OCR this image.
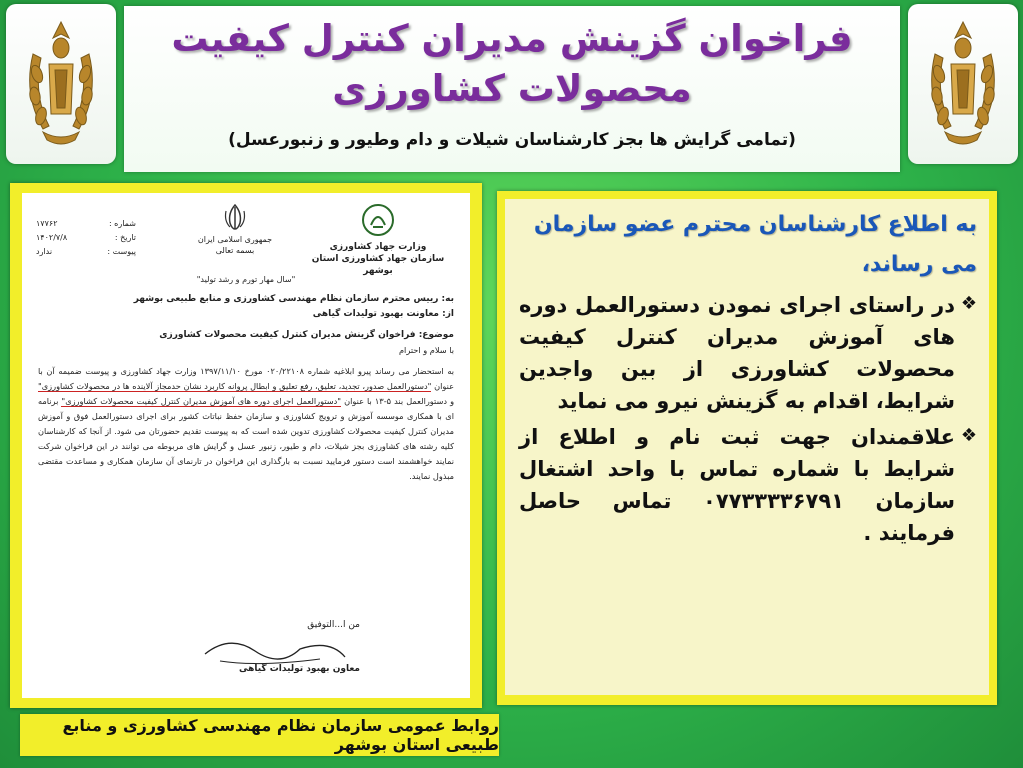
فراخوان گزینش مدیران کنترل کیفیت
محصولات کشاورزی
(تمامی گرایش ها بجز کارشناسان شیلات و دام وطیور و زنبورعسل)
وزارت جهاد کشاورزی
سازمان جهاد کشاورزی استان بوشهر
جمهوری اسلامی ایران
بسمه تعالی
شماره :
۱۷۷۶۲
تاریخ :
۱۴۰۲/۷/۸
پیوست :
ندارد
"سال مهار تورم و رشد تولید"
به: رییس محترم سازمان نظام مهندسی کشاورزی و منابع طبیعی بوشهر
از: معاونت بهبود تولیدات گیاهی
موضوع: فراخوان گزینش مدیران کنترل کیفیت محصولات کشاورزی
با سلام و احترام
به استحضار می رساند پیرو ابلاغیه شماره ۰۲۰/۲۲۱۰۸ مورخ ۱۳۹۷/۱۱/۱۰ وزارت جهاد کشاورزی و پیوست ضمیمه آن با عنوان "دستورالعمل صدور، تجدید، تعلیق، رفع تعلیق و ابطال پروانه کاربرد نشان حدمجاز آلاینده ها در محصولات کشاورزی" و دستورالعمل بند ۵-۱۳ با عنوان "دستورالعمل اجرای دوره های آموزش مدیران کنترل کیفیت محصولات کشاورزی" برنامه ای با همکاری موسسه آموزش و ترویج کشاورزی و سازمان حفظ نباتات کشور برای اجرای دستورالعمل فوق و آموزش مدیران کنترل کیفیت محصولات کشاورزی تدوین شده است که به پیوست تقدیم حضورتان می شود. از آنجا که کارشناسان کلیه رشته های کشاورزی بجز شیلات، دام و طیور، زنبور عسل و گرایش های مربوطه می توانند در این فراخوان شرکت نمایند خواهشمند است دستور فرمایید نسبت به بارگذاری این فراخوان در تارنمای آن سازمان همکاری و مساعدت مقتضی مبذول نمایند.
من ا...التوفیق
معاون بهبود تولیدات گیاهی
به اطلاع کارشناسان محترم عضو سازمان می رساند،
❖
در راستای اجرای نمودن دستورالعمل دوره های آموزش مدیران کنترل کیفیت محصولات کشاورزی از بین واجدین شرایط، اقدام به گزینش نیرو می نماید
❖
علاقمندان جهت ثبت نام و اطلاع از شرایط با شماره تماس با واحد اشتغال سازمان ۰۷۷۳۳۳۳۶۷۹۱ تماس حاصل فرمایند .
روابط عمومی سازمان نظام مهندسی کشاورزی و منابع طبیعی استان بوشهر
